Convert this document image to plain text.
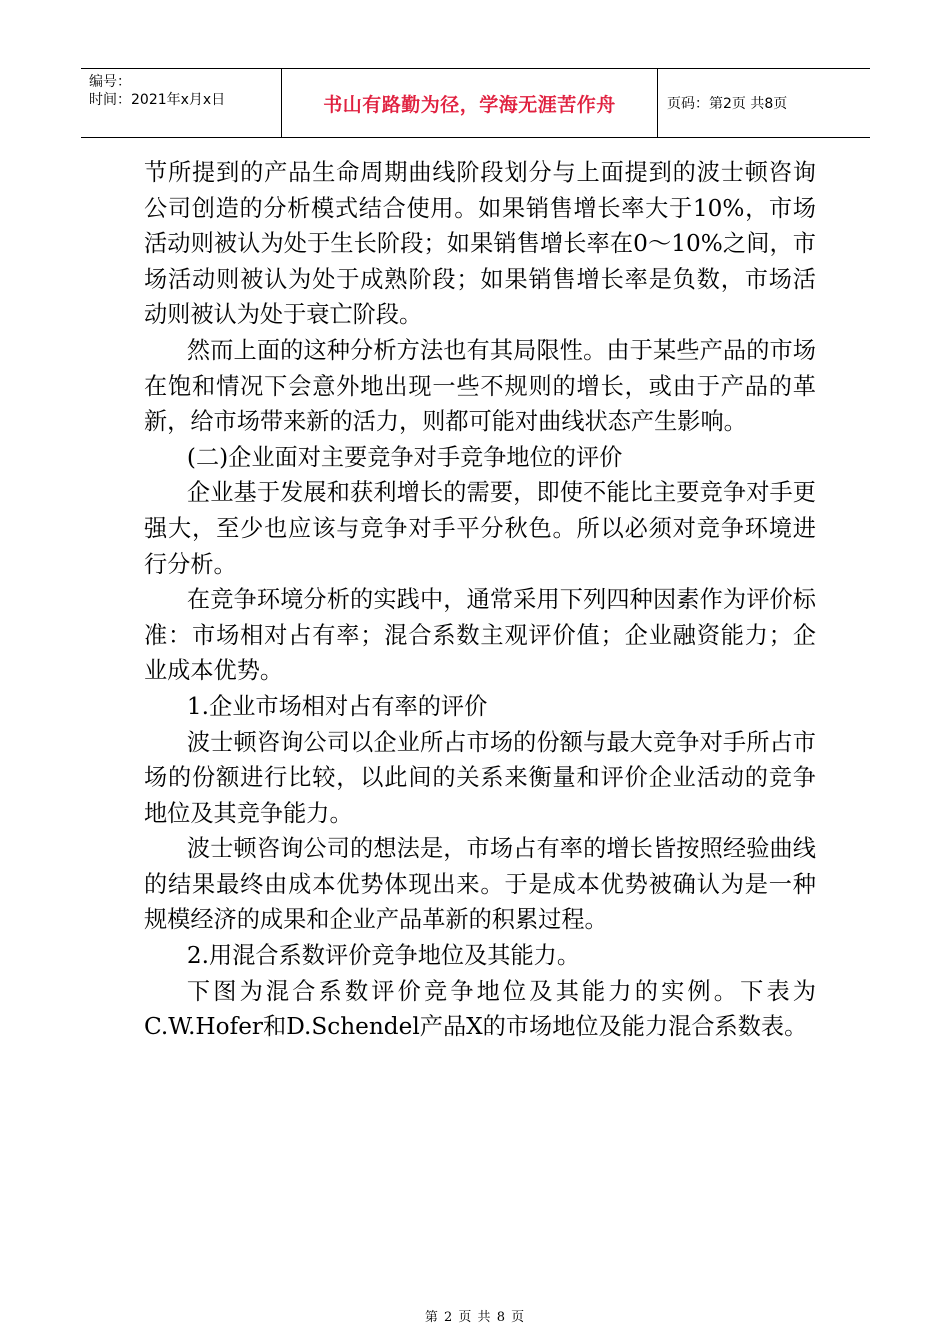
编号：
时间：2021年x月x日	书山有路勤为径，学海无涯苦作舟	页码：第2页 共8页

节所提到的产品生命周期曲线阶段划分与上面提到的波士顿咨询公司创造的分析模式结合使用。如果销售增长率大于10%，市场活动则被认为处于生长阶段；如果销售增长率在0～10%之间，市场活动则被认为处于成熟阶段；如果销售增长率是负数，市场活动则被认为处于衰亡阶段。

然而上面的这种分析方法也有其局限性。由于某些产品的市场在饱和情况下会意外地出现一些不规则的增长，或由于产品的革新，给市场带来新的活力，则都可能对曲线状态产生影响。

(二)企业面对主要竞争对手竞争地位的评价

企业基于发展和获利增长的需要，即使不能比主要竞争对手更强大，至少也应该与竞争对手平分秋色。所以必须对竞争环境进行分析。

在竞争环境分析的实践中，通常采用下列四种因素作为评价标准：市场相对占有率；混合系数主观评价值；企业融资能力；企业成本优势。

1.企业市场相对占有率的评价

波士顿咨询公司以企业所占市场的份额与最大竞争对手所占市场的份额进行比较，以此间的关系来衡量和评价企业活动的竞争地位及其竞争能力。

波士顿咨询公司的想法是，市场占有率的增长皆按照经验曲线的结果最终由成本优势体现出来。于是成本优势被确认为是一种规模经济的成果和企业产品革新的积累过程。

2.用混合系数评价竞争地位及其能力。

下图为混合系数评价竞争地位及其能力的实例。下表为C.W.Hofer和D.Schendel产品X的市场地位及能力混合系数表。

第 2 页 共 8 页
